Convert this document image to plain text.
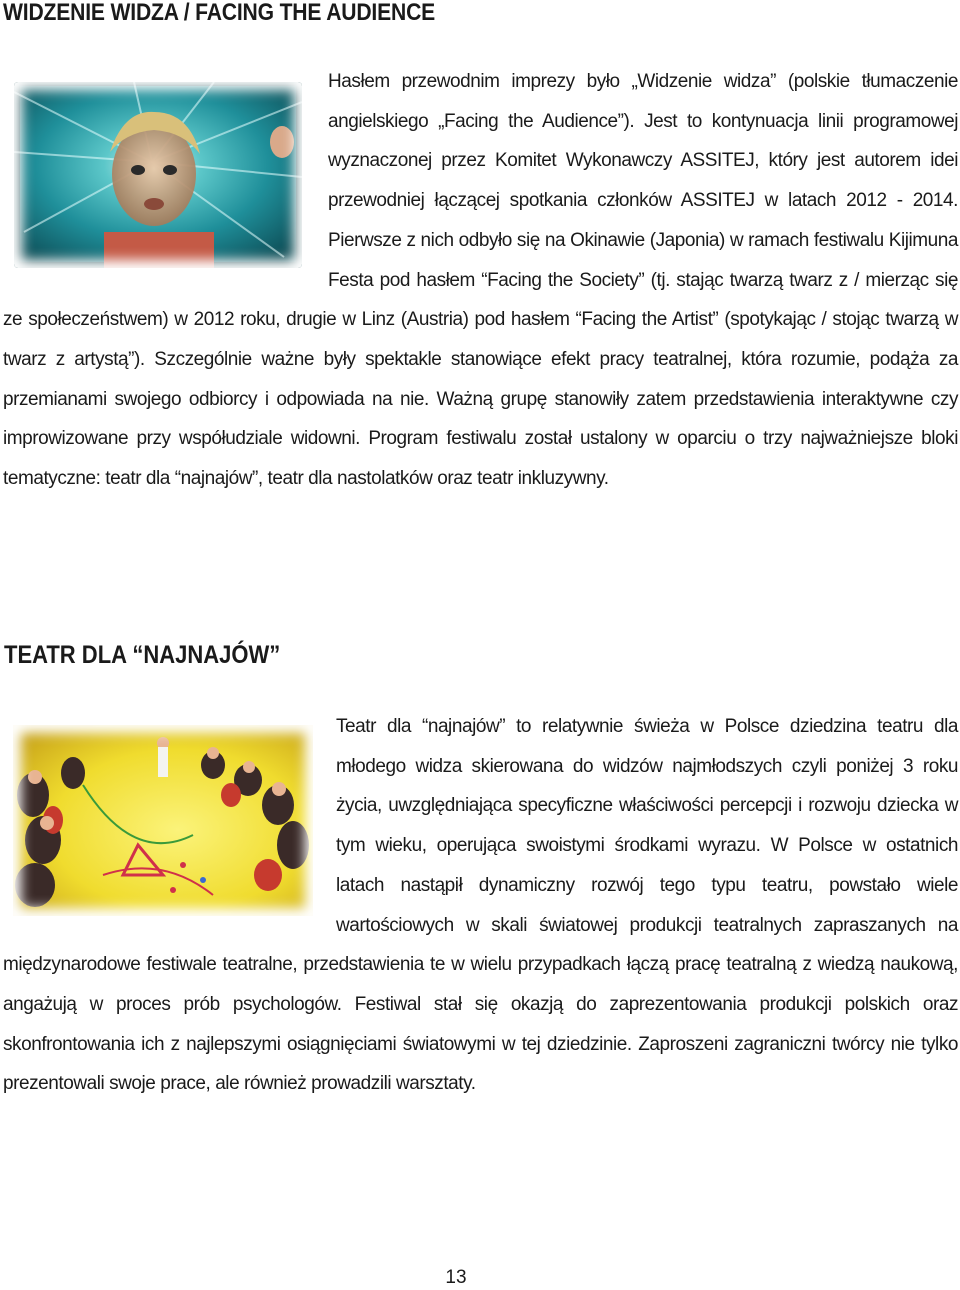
WIDZENIE WIDZA / FACING THE AUDIENCE
Hasłem przewodnim imprezy było „Widzenie widza” (polskie tłumaczenie angielskiego „Facing the Audience”). Jest to kontynuacja linii programowej wyznaczonej przez Komitet Wykonawczy ASSITEJ, który jest autorem idei przewodniej łączącej spotkania członków ASSITEJ w latach 2012 - 2014. Pierwsze z nich odbyło się na Okinawie (Japonia) w ramach festiwalu Kijimuna Festa pod hasłem “Facing the Society” (tj. stając twarzą twarz z / mierząc się ze społeczeństwem) w 2012 roku, drugie w Linz (Austria) pod hasłem “Facing the Artist” (spotykając / stojąc twarzą w twarz z artystą”). Szczególnie ważne były spektakle stanowiące efekt pracy teatralnej, która rozumie, podąża za przemianami swojego odbiorcy i odpowiada na nie. Ważną grupę stanowiły zatem przedstawienia interaktywne czy improwizowane przy współudziale widowni. Program festiwalu został ustalony w oparciu o trzy najważniejsze bloki tematyczne: teatr dla “najnajów”, teatr dla nastolatków oraz teatr inkluzywny.
TEATR DLA “NAJNAJÓW”
Teatr dla “najnajów” to relatywnie świeża w Polsce dziedzina teatru dla młodego widza skierowana do widzów najmłodszych czyli poniżej 3 roku życia, uwzględniająca specyficzne właściwości percepcji i rozwoju dziecka w tym wieku, operująca swoistymi środkami wyrazu. W Polsce w ostatnich latach nastąpił dynamiczny rozwój tego typu teatru, powstało wiele wartościowych w skali światowej produkcji teatralnych zapraszanych na międzynarodowe festiwale teatralne, przedstawienia te w wielu przypadkach łączą pracę teatralną z wiedzą naukową, angażują w proces prób psychologów. Festiwal stał się okazją do zaprezentowania produkcji polskich oraz skonfrontowania ich z najlepszymi osiągnięciami światowymi w tej dziedzinie. Zaproszeni zagraniczni twórcy nie tylko prezentowali swoje prace, ale również prowadzili warsztaty.
13
